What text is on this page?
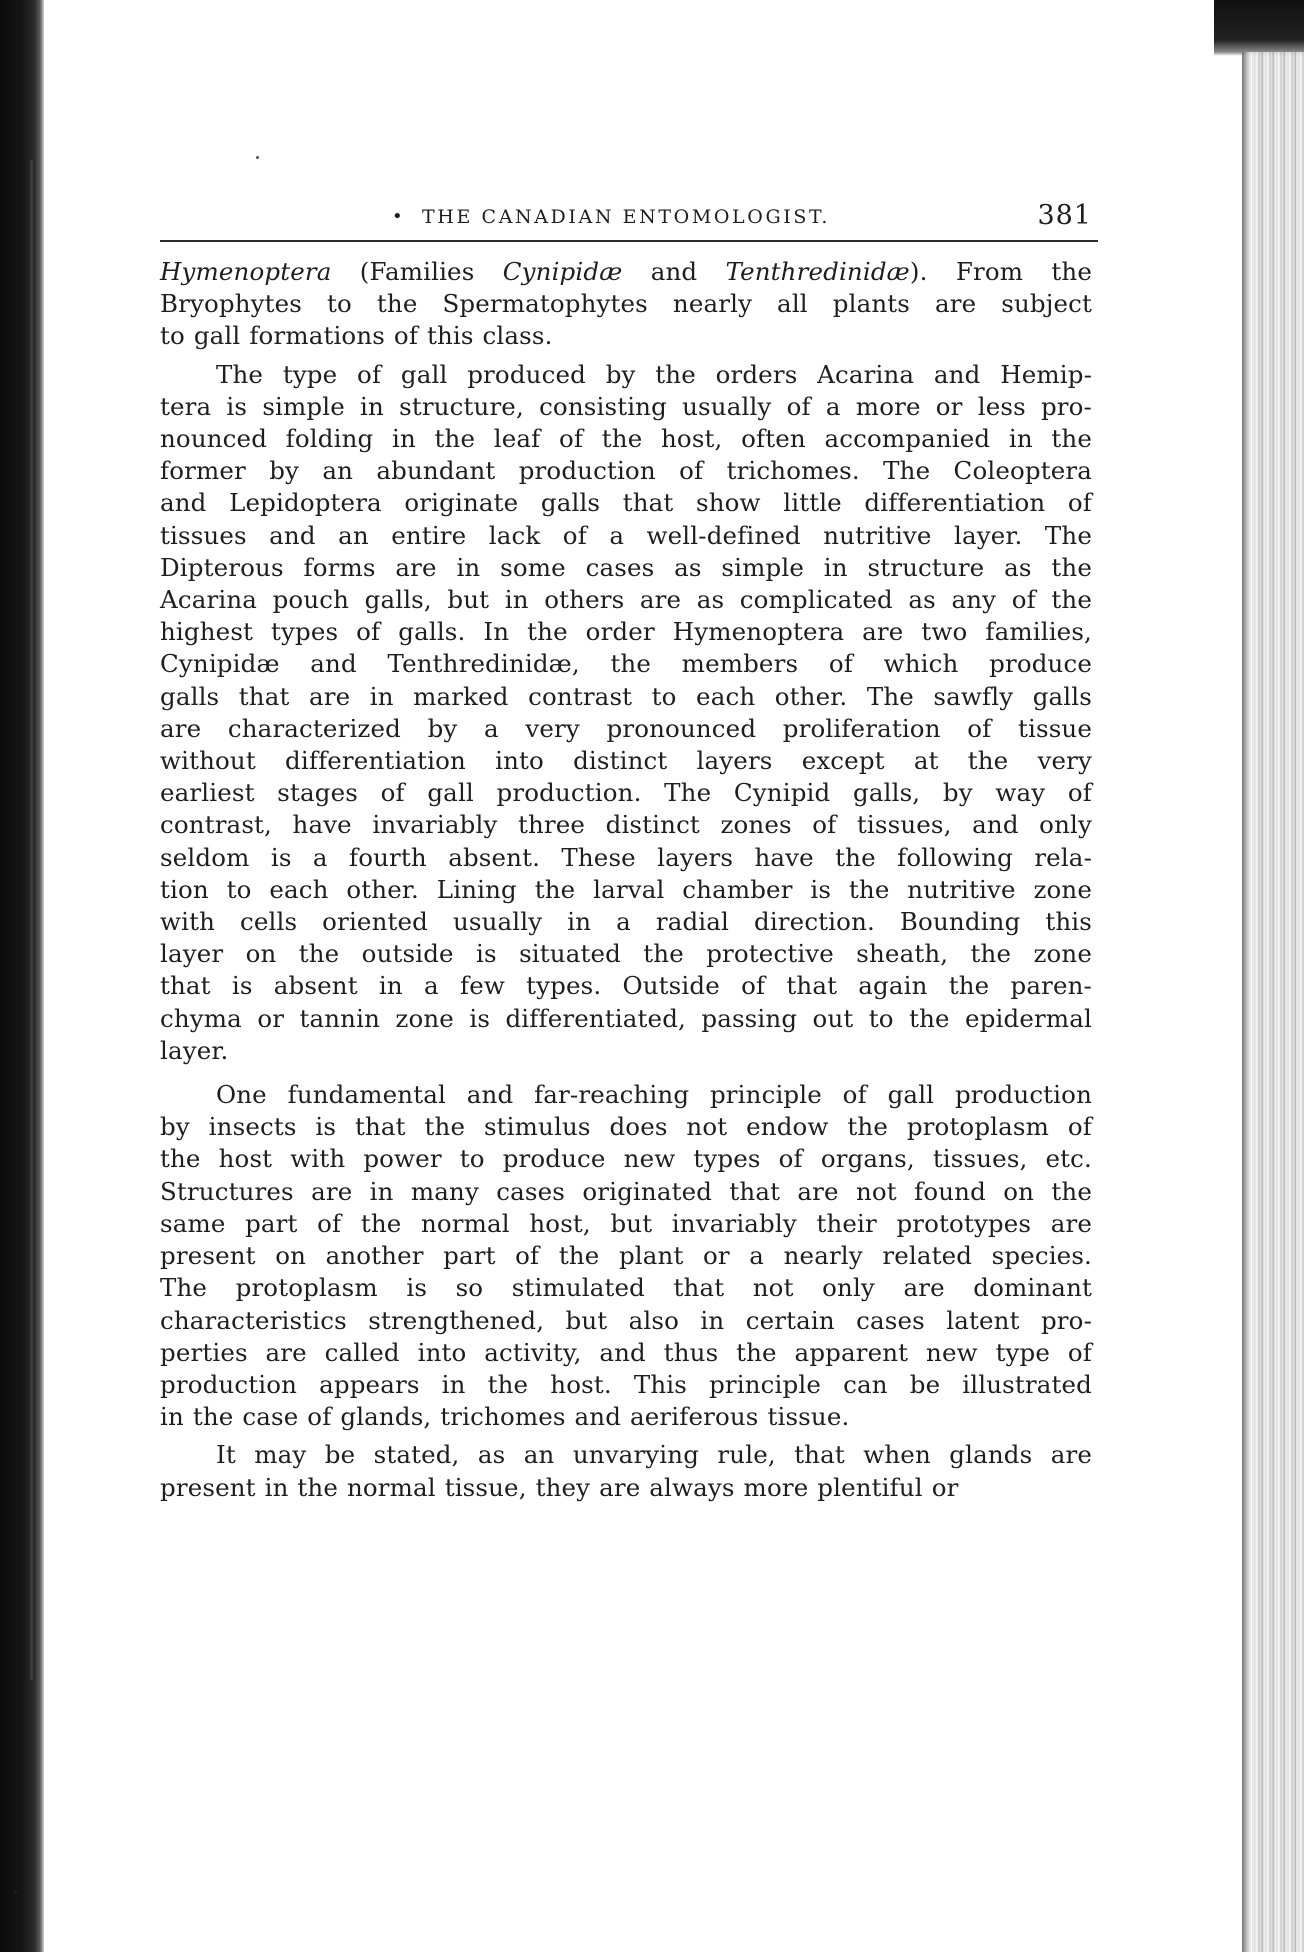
• THE CANADIAN ENTOMOLOGIST.	381

Hymenoptera (Families Cynipidæ and Tenthredinidæ). From the
Bryophytes to the Spermatophytes nearly all plants are subject
to gall formations of this class.

The type of gall produced by the orders Acarina and Hemip-
tera is simple in structure, consisting usually of a more or less pro-
nounced folding in the leaf of the host, often accompanied in the
former by an abundant production of trichomes. The Coleoptera
and Lepidoptera originate galls that show little differentiation of
tissues and an entire lack of a well-defined nutritive layer. The
Dipterous forms are in some cases as simple in structure as the
Acarina pouch galls, but in others are as complicated as any of the
highest types of galls. In the order Hymenoptera are two families,
Cynipidæ and Tenthredinidæ, the members of which produce
galls that are in marked contrast to each other. The sawfly galls
are characterized by a very pronounced proliferation of tissue
without differentiation into distinct layers except at the very
earliest stages of gall production. The Cynipid galls, by way of
contrast, have invariably three distinct zones of tissues, and only
seldom is a fourth absent. These layers have the following rela-
tion to each other. Lining the larval chamber is the nutritive zone
with cells oriented usually in a radial direction. Bounding this
layer on the outside is situated the protective sheath, the zone
that is absent in a few types. Outside of that again the paren-
chyma or tannin zone is differentiated, passing out to the epidermal
layer.

One fundamental and far-reaching principle of gall production
by insects is that the stimulus does not endow the protoplasm of
the host with power to produce new types of organs, tissues, etc.
Structures are in many cases originated that are not found on the
same part of the normal host, but invariably their prototypes are
present on another part of the plant or a nearly related species.
The protoplasm is so stimulated that not only are dominant
characteristics strengthened, but also in certain cases latent pro-
perties are called into activity, and thus the apparent new type of
production appears in the host. This principle can be illustrated
in the case of glands, trichomes and aeriferous tissue.

It may be stated, as an unvarying rule, that when glands are
present in the normal tissue, they are always more plentiful or
